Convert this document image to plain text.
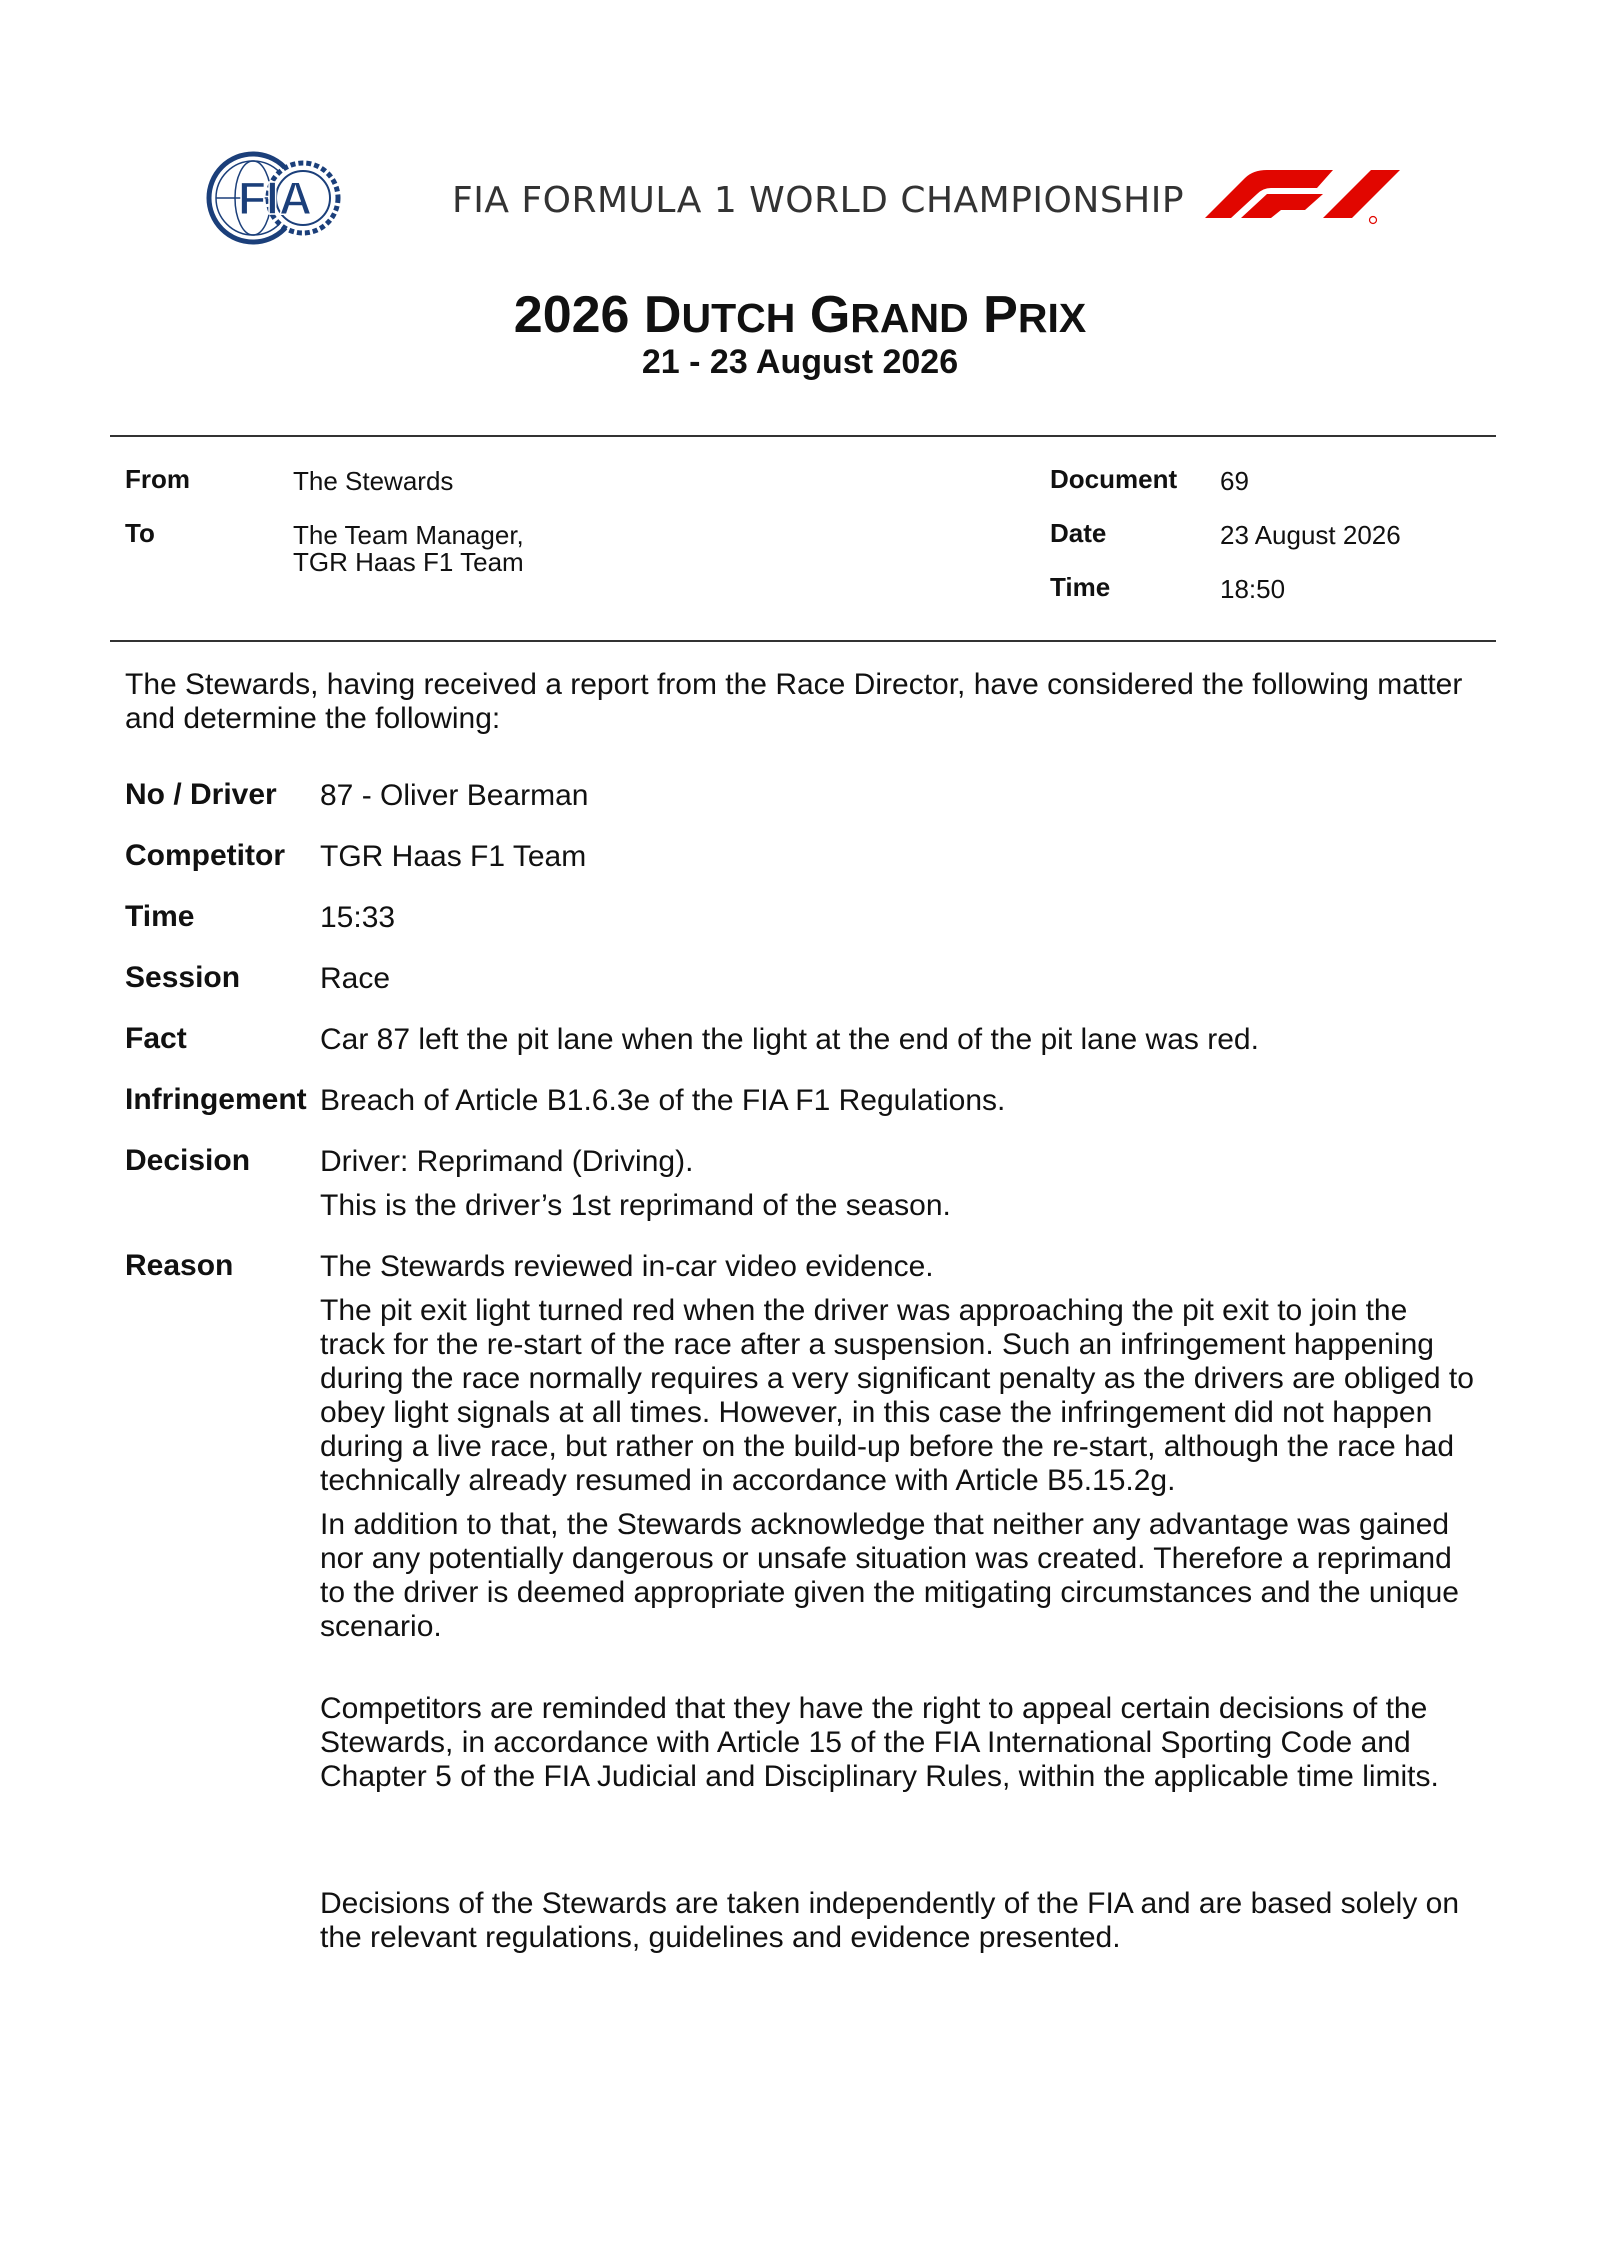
FIA	FIA FORMULA 1 WORLD CHAMPIONSHIP
2026 DUTCH GRAND PRIX
21 - 23 August 2026
From	The Stewards
To	The Team Manager,
TGR Haas F1 Team
Document 69
Date	23 August 2026
Time	18:50
The Stewards, having received a report from the Race Director, have considered the following matter and determine the following:
No / Driver 87 - Oliver Bearman
Competitor TGR Haas F1 Team
Time	15:33
Session	Race
Fact	Car 87 left the pit lane when the light at the end of the pit lane was red.
Infringement Breach of Article B1.6.3e of the FIA F1 Regulations.
Decision Driver: Reprimand (Driving).

This is the driver’s 1st reprimand of the season.

Reason	The Stewards reviewed in-car video evidence.

The pit exit light turned red when the driver was approaching the pit exit to join the track for the re-start of the race after a suspension. Such an infringement happening during the race normally requires a very significant penalty as the drivers are obliged to obey light signals at all times. However, in this case the infringement did not happen during a live race, but rather on the build-up before the re-start, although the race had technically already resumed in accordance with Article B5.15.2g.

In addition to that, the Stewards acknowledge that neither any advantage was gained nor any potentially dangerous or unsafe situation was created. Therefore a reprimand to the driver is deemed appropriate given the mitigating circumstances and the unique scenario.

Competitors are reminded that they have the right to appeal certain decisions of the Stewards, in accordance with Article 15 of the FIA International Sporting Code and Chapter 5 of the FIA Judicial and Disciplinary Rules, within the applicable time limits.
Decisions of the Stewards are taken independently of the FIA and are based solely on the relevant regulations, guidelines and evidence presented.
